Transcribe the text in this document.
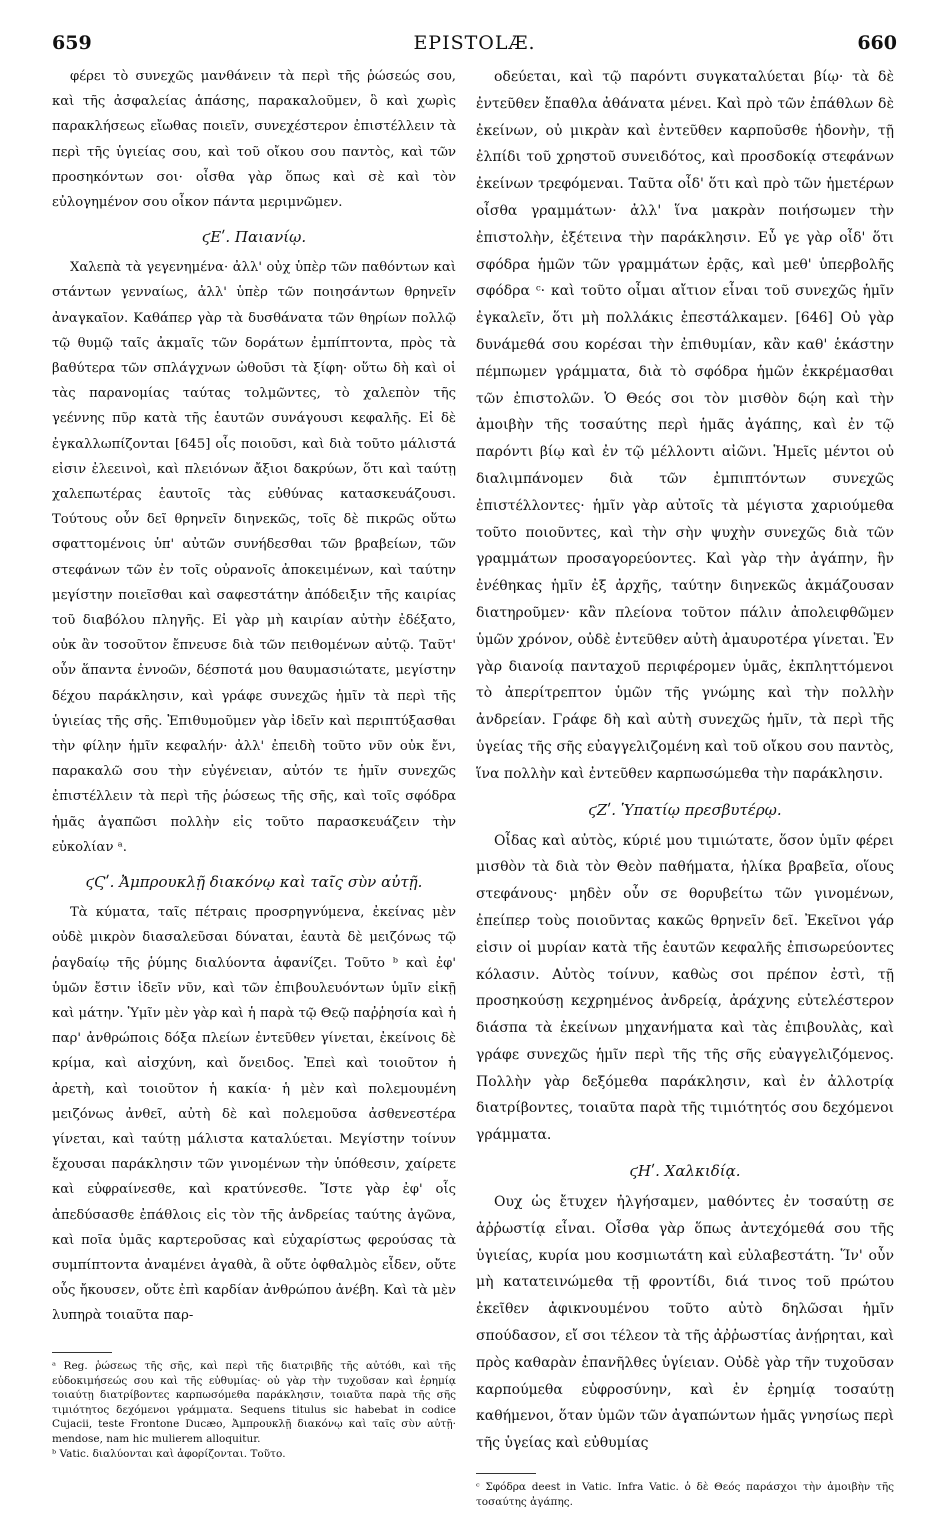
659	EPISTOLÆ.	660

φέρει τὸ συνεχῶς μανθάνειν τὰ περὶ τῆς ῥώσεώς σου, καὶ τῆς ἀσφαλείας ἁπάσης, παρακαλοῦμεν, ὃ καὶ χωρὶς παρακλήσεως εἴωθας ποιεῖν, συνεχέστερον ἐπιστέλλειν τὰ περὶ τῆς ὑγιείας σου, καὶ τοῦ οἴκου σου παντὸς, καὶ τῶν προσηκόντων σοι· οἶσθα γὰρ ὅπως καὶ σὲ καὶ τὸν εὐλογημένον σου οἶκον πάντα μεριμνῶμεν.

ϛΕʹ. Παιανίῳ.

Χαλεπὰ τὰ γεγενημένα· ἀλλ' οὐχ ὑπὲρ τῶν παθόντων καὶ στάντων γενναίως, ἀλλ' ὑπὲρ τῶν ποιησάντων θρηνεῖν ἀναγκαῖον. Καθάπερ γὰρ τὰ δυσθάνατα τῶν θηρίων πολλῷ τῷ θυμῷ ταῖς ἀκμαῖς τῶν δοράτων ἐμπίπτοντα, πρὸς τὰ βαθύτερα τῶν σπλάγχνων ὠθοῦσι τὰ ξίφη· οὕτω δὴ καὶ οἱ τὰς παρανομίας ταύτας τολμῶντες, τὸ χαλεπὸν τῆς γεέννης πῦρ κατὰ τῆς ἑαυτῶν συνάγουσι κεφαλῆς. Εἰ δὲ ἐγκαλλωπίζονται [645] οἷς ποιοῦσι, καὶ διὰ τοῦτο μάλιστά εἰσιν ἐλεεινοὶ, καὶ πλειόνων ἄξιοι δακρύων, ὅτι καὶ ταύτῃ χαλεπωτέρας ἑαυτοῖς τὰς εὐθύνας κατασκευάζουσι. Τούτους οὖν δεῖ θρηνεῖν διηνεκῶς, τοῖς δὲ πικρῶς οὕτω σφαττομένοις ὑπ' αὐτῶν συνήδεσθαι τῶν βραβείων, τῶν στεφάνων τῶν ἐν τοῖς οὐρανοῖς ἀποκειμένων, καὶ ταύτην μεγίστην ποιεῖσθαι καὶ σαφεστάτην ἀπόδειξιν τῆς καιρίας τοῦ διαβόλου πληγῆς. Εἰ γὰρ μὴ καιρίαν αὐτὴν ἐδέξατο, οὐκ ἂν τοσοῦτον ἔπνευσε διὰ τῶν πειθομένων αὐτῷ. Ταῦτ' οὖν ἅπαντα ἐννοῶν, δέσποτά μου θαυμασιώτατε, μεγίστην δέχου παράκλησιν, καὶ γράφε συνεχῶς ἡμῖν τὰ περὶ τῆς ὑγιείας τῆς σῆς. Ἐπιθυμοῦμεν γὰρ ἰδεῖν καὶ περιπτύξασθαι τὴν φίλην ἡμῖν κεφαλήν· ἀλλ' ἐπειδὴ τοῦτο νῦν οὐκ ἔνι, παρακαλῶ σου τὴν εὐγένειαν, αὐτόν τε ἡμῖν συνεχῶς ἐπιστέλλειν τὰ περὶ τῆς ῥώσεως τῆς σῆς, καὶ τοῖς σφόδρα ἡμᾶς ἀγαπῶσι πολλὴν εἰς τοῦτο παρασκευάζειν τὴν εὐκολίαν ᵃ.

ϛϚʹ. Ἀμπρουκλῇ διακόνῳ καὶ ταῖς σὺν αὐτῇ.

Τὰ κύματα, ταῖς πέτραις προσρηγνύμενα, ἐκείνας μὲν οὐδὲ μικρὸν διασαλεῦσαι δύναται, ἑαυτὰ δὲ μειζόνως τῷ ῥαγδαίῳ τῆς ῥύμης διαλύοντα ἀφανίζει. Τοῦτο ᵇ καὶ ἐφ' ὑμῶν ἔστιν ἰδεῖν νῦν, καὶ τῶν ἐπιβουλευόντων ὑμῖν εἰκῇ καὶ μάτην. Ὑμῖν μὲν γὰρ καὶ ἡ παρὰ τῷ Θεῷ παῤῥησία καὶ ἡ παρ' ἀνθρώποις δόξα πλείων ἐντεῦθεν γίνεται, ἐκείνοις δὲ κρίμα, καὶ αἰσχύνη, καὶ ὄνειδος. Ἐπεὶ καὶ τοιοῦτον ἡ ἀρετὴ, καὶ τοιοῦτον ἡ κακία· ἡ μὲν καὶ πολεμουμένη μειζόνως ἀνθεῖ, αὐτὴ δὲ καὶ πολεμοῦσα ἀσθενεστέρα γίνεται, καὶ ταύτῃ μάλιστα καταλύεται. Μεγίστην τοίνυν ἔχουσαι παράκλησιν τῶν γινομένων τὴν ὑπόθεσιν, χαίρετε καὶ εὐφραίνεσθε, καὶ κρατύνεσθε. Ἴστε γὰρ ἐφ' οἷς ἀπεδύσασθε ἐπάθλοις εἰς τὸν τῆς ἀνδρείας ταύτης ἀγῶνα, καὶ ποῖα ὑμᾶς καρτεροῦσας καὶ εὐχαρίστως φερούσας τὰ συμπίπτοντα ἀναμένει ἀγαθὰ, ἃ οὔτε ὀφθαλμὸς εἶδεν, οὔτε οὖς ἤκουσεν, οὔτε ἐπὶ καρδίαν ἀνθρώπου ἀνέβη. Καὶ τὰ μὲν λυπηρὰ τοιαῦτα παρ-

οδεύεται, καὶ τῷ παρόντι συγκαταλύεται βίῳ· τὰ δὲ ἐντεῦθεν ἔπαθλα ἀθάνατα μένει. Καὶ πρὸ τῶν ἐπάθλων δὲ ἐκείνων, οὐ μικρὰν καὶ ἐντεῦθεν καρποῦσθε ἡδονὴν, τῇ ἐλπίδι τοῦ χρηστοῦ συνειδότος, καὶ προσδοκίᾳ στεφάνων ἐκείνων τρεφόμεναι. Ταῦτα οἶδ' ὅτι καὶ πρὸ τῶν ἡμετέρων οἶσθα γραμμάτων· ἀλλ' ἵνα μακρὰν ποιήσωμεν τὴν ἐπιστολὴν, ἐξέτεινα τὴν παράκλησιν. Εὖ γε γὰρ οἶδ' ὅτι σφόδρα ἡμῶν τῶν γραμμάτων ἐρᾷς, καὶ μεθ' ὑπερβολῆς σφόδρα ᶜ· καὶ τοῦτο οἶμαι αἴτιον εἶναι τοῦ συνεχῶς ἡμῖν ἐγκαλεῖν, ὅτι μὴ πολλάκις ἐπεστάλκαμεν. [646] Οὐ γὰρ δυνάμεθά σου κορέσαι τὴν ἐπιθυμίαν, κἂν καθ' ἑκάστην πέμπωμεν γράμματα, διὰ τὸ σφόδρα ἡμῶν ἐκκρέμασθαι τῶν ἐπιστολῶν. Ὁ Θεός σοι τὸν μισθὸν δῴη καὶ τὴν ἀμοιβὴν τῆς τοσαύτης περὶ ἡμᾶς ἀγάπης, καὶ ἐν τῷ παρόντι βίῳ καὶ ἐν τῷ μέλλοντι αἰῶνι. Ἡμεῖς μέντοι οὐ διαλιμπάνομεν διὰ τῶν ἐμπιπτόντων συνεχῶς ἐπιστέλλοντες· ἡμῖν γὰρ αὐτοῖς τὰ μέγιστα χαριούμεθα τοῦτο ποιοῦντες, καὶ τὴν σὴν ψυχὴν συνεχῶς διὰ τῶν γραμμάτων προσαγορεύοντες. Καὶ γὰρ τὴν ἀγάπην, ἣν ἐνέθηκας ἡμῖν ἐξ ἀρχῆς, ταύτην διηνεκῶς ἀκμάζουσαν διατηροῦμεν· κἂν πλείονα τοῦτον πάλιν ἀπολειφθῶμεν ὑμῶν χρόνον, οὐδὲ ἐντεῦθεν αὐτὴ ἀμαυροτέρα γίνεται. Ἐν γὰρ διανοίᾳ πανταχοῦ περιφέρομεν ὑμᾶς, ἐκπληττόμενοι τὸ ἀπερίτρεπτον ὑμῶν τῆς γνώμης καὶ τὴν πολλὴν ἀνδρείαν. Γράφε δὴ καὶ αὐτὴ συνεχῶς ἡμῖν, τὰ περὶ τῆς ὑγείας τῆς σῆς εὐαγγελιζομένη καὶ τοῦ οἴκου σου παντὸς, ἵνα πολλὴν καὶ ἐντεῦθεν καρπωσώμεθα τὴν παράκλησιν.

ϛΖʹ. Ὑπατίῳ πρεσβυτέρῳ.

Οἶδας καὶ αὐτὸς, κύριέ μου τιμιώτατε, ὅσον ὑμῖν φέρει μισθὸν τὰ διὰ τὸν Θεὸν παθήματα, ἡλίκα βραβεῖα, οἵους στεφάνους· μηδὲν οὖν σε θορυβείτω τῶν γινομένων, ἐπείπερ τοὺς ποιοῦντας κακῶς θρηνεῖν δεῖ. Ἐκεῖνοι γάρ εἰσιν οἱ μυρίαν κατὰ τῆς ἑαυτῶν κεφαλῆς ἐπισωρεύοντες κόλασιν. Αὐτὸς τοίνυν, καθὼς σοι πρέπον ἐστὶ, τῇ προσηκούσῃ κεχρημένος ἀνδρείᾳ, ἀράχνης εὐτελέστερον διάσπα τὰ ἐκείνων μηχανήματα καὶ τὰς ἐπιβουλὰς, καὶ γράφε συνεχῶς ἡμῖν περὶ τῆς τῆς σῆς εὐαγγελιζόμενος. Πολλὴν γὰρ δεξόμεθα παράκλησιν, καὶ ἐν ἀλλοτρίᾳ διατρίβοντες, τοιαῦτα παρὰ τῆς τιμιότητός σου δεχόμενοι γράμματα.

ϛΗʹ. Χαλκιδίᾳ.

Ουχ ὡς ἔτυχεν ἠλγήσαμεν, μαθόντες ἐν τοσαύτῃ σε ἀῤῥωστίᾳ εἶναι. Οἶσθα γὰρ ὅπως ἀντεχόμεθά σου τῆς ὑγιείας, κυρία μου κοσμιωτάτη καὶ εὐλαβεστάτη. Ἵν' οὖν μὴ κατατεινώμεθα τῇ φροντίδι, διά τινος τοῦ πρώτου ἐκεῖθεν ἀφικνουμένου τοῦτο αὐτὸ δηλῶσαι ἡμῖν σπούδασον, εἴ σοι τέλεον τὰ τῆς ἀῤῥωστίας ἀνῄρηται, καὶ πρὸς καθαρὰν ἐπανῆλθες ὑγίειαν. Οὐδὲ γὰρ τῆν τυχοῦσαν καρπούμεθα εὐφροσύνην, καὶ ἐν ἐρημίᾳ τοσαύτῃ καθήμενοι, ὅταν ὑμῶν τῶν ἀγαπώντων ἡμᾶς γνησίως περὶ τῆς ὑγείας καὶ εὐθυμίας

ᵃ Reg. ῥώσεως τῆς σῆς, καὶ περὶ τῆς διατριβῆς τῆς αὐτόθι, καὶ τῆς εὐδοκιμήσεώς σου καὶ τῆς εὐθυμίας· οὐ γὰρ τὴν τυχοῦσαν καὶ ἐρημίᾳ τοιαύτῃ διατρίβοντες καρπωσόμεθα παράκλησιν, τοιαῦτα παρὰ τῆς σῆς τιμιότητος δεχόμενοι γράμματα. Sequens titulus sic habebat in codice Cujacii, teste Frontone Ducæo, Ἀμπρουκλῇ διακόνῳ καὶ ταῖς σὺν αὐτῇ· mendose, nam hic mulierem alloquitur.

ᵇ Vatic. διαλύονται καὶ ἀφορίζονται. Τοῦτο.

ᶜ Σφόδρα deest in Vatic. Infra Vatic. ὁ δὲ Θεός παράσχοι τὴν ἀμοιβὴν τῆς τοσαύτης ἀγάπης.
